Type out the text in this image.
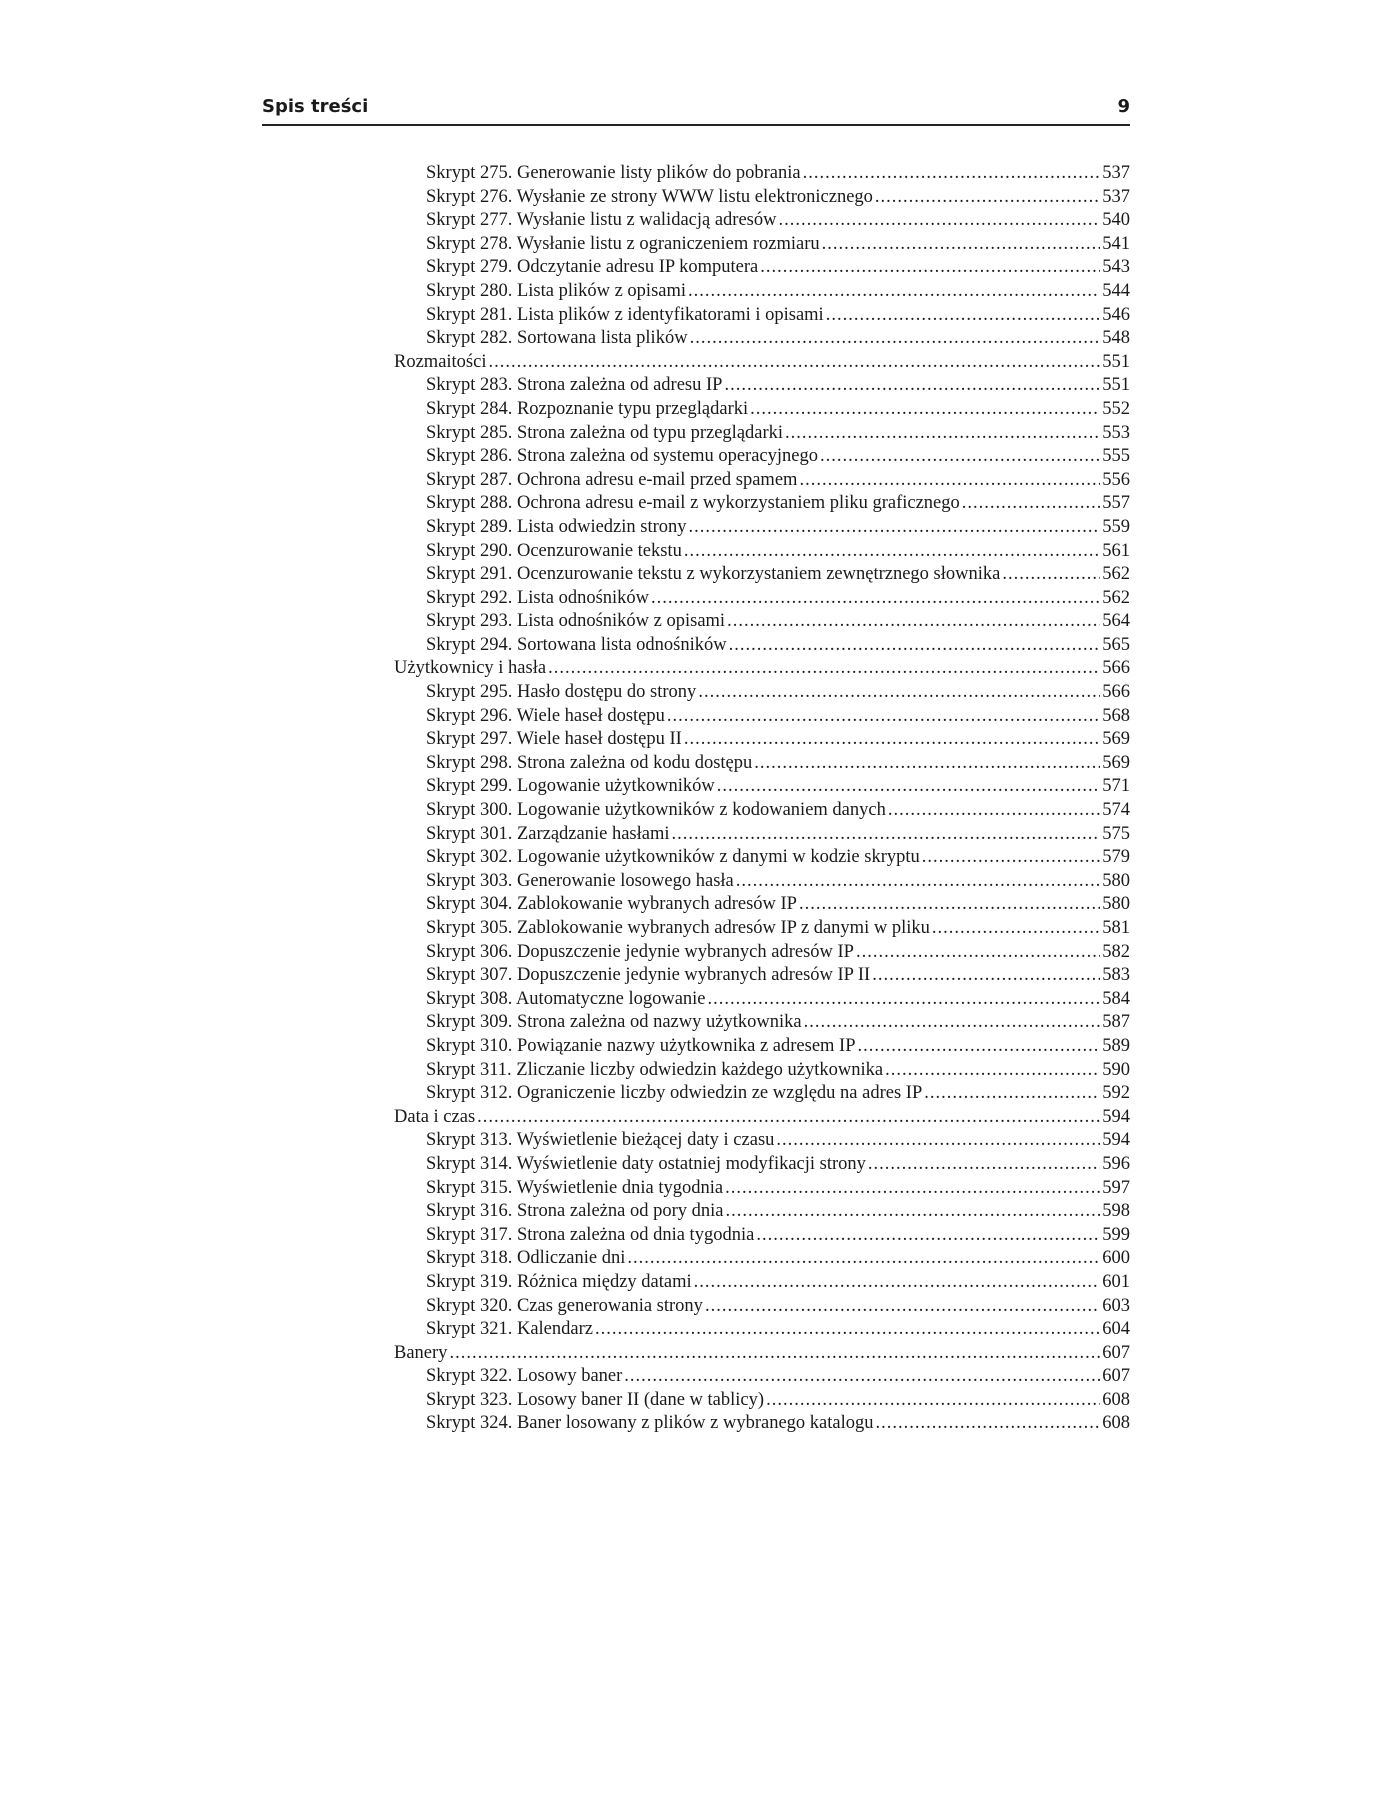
Spis treści	9
Skrypt 275. Generowanie listy plików do pobrania .....	537
Skrypt 276. Wysłanie ze strony WWW listu elektronicznego .....	537
Skrypt 277. Wysłanie listu z walidacją adresów .....	540
Skrypt 278. Wysłanie listu z ograniczeniem rozmiaru .....	541
Skrypt 279. Odczytanie adresu IP komputera .....	543
Skrypt 280. Lista plików z opisami .....	544
Skrypt 281. Lista plików z identyfikatorami i opisami .....	546
Skrypt 282. Sortowana lista plików .....	548
Rozmaitości .....	551
Skrypt 283. Strona zależna od adresu IP .....	551
Skrypt 284. Rozpoznanie typu przeglądarki .....	552
Skrypt 285. Strona zależna od typu przeglądarki .....	553
Skrypt 286. Strona zależna od systemu operacyjnego .....	555
Skrypt 287. Ochrona adresu e-mail przed spamem .....	556
Skrypt 288. Ochrona adresu e-mail z wykorzystaniem pliku graficznego .....	557
Skrypt 289. Lista odwiedzin strony .....	559
Skrypt 290. Ocenzurowanie tekstu .....	561
Skrypt 291. Ocenzurowanie tekstu z wykorzystaniem zewnętrznego słownika .....	562
Skrypt 292. Lista odnośników .....	562
Skrypt 293. Lista odnośników z opisami .....	564
Skrypt 294. Sortowana lista odnośników .....	565
Użytkownicy i hasła .....	566
Skrypt 295. Hasło dostępu do strony .....	566
Skrypt 296. Wiele haseł dostępu .....	568
Skrypt 297. Wiele haseł dostępu II .....	569
Skrypt 298. Strona zależna od kodu dostępu .....	569
Skrypt 299. Logowanie użytkowników .....	571
Skrypt 300. Logowanie użytkowników z kodowaniem danych .....	574
Skrypt 301. Zarządzanie hasłami .....	575
Skrypt 302. Logowanie użytkowników z danymi w kodzie skryptu .....	579
Skrypt 303. Generowanie losowego hasła .....	580
Skrypt 304. Zablokowanie wybranych adresów IP .....	580
Skrypt 305. Zablokowanie wybranych adresów IP z danymi w pliku .....	581
Skrypt 306. Dopuszczenie jedynie wybranych adresów IP .....	582
Skrypt 307. Dopuszczenie jedynie wybranych adresów IP II .....	583
Skrypt 308. Automatyczne logowanie .....	584
Skrypt 309. Strona zależna od nazwy użytkownika .....	587
Skrypt 310. Powiązanie nazwy użytkownika z adresem IP .....	589
Skrypt 311. Zliczanie liczby odwiedzin każdego użytkownika .....	590
Skrypt 312. Ograniczenie liczby odwiedzin ze względu na adres IP .....	592
Data i czas .....	594
Skrypt 313. Wyświetlenie bieżącej daty i czasu .....	594
Skrypt 314. Wyświetlenie daty ostatniej modyfikacji strony .....	596
Skrypt 315. Wyświetlenie dnia tygodnia .....	597
Skrypt 316. Strona zależna od pory dnia .....	598
Skrypt 317. Strona zależna od dnia tygodnia .....	599
Skrypt 318. Odliczanie dni .....	600
Skrypt 319. Różnica między datami .....	601
Skrypt 320. Czas generowania strony .....	603
Skrypt 321. Kalendarz .....	604
Banery .....	607
Skrypt 322. Losowy baner .....	607
Skrypt 323. Losowy baner II (dane w tablicy) .....	608
Skrypt 324. Baner losowany z plików z wybranego katalogu .....	608
